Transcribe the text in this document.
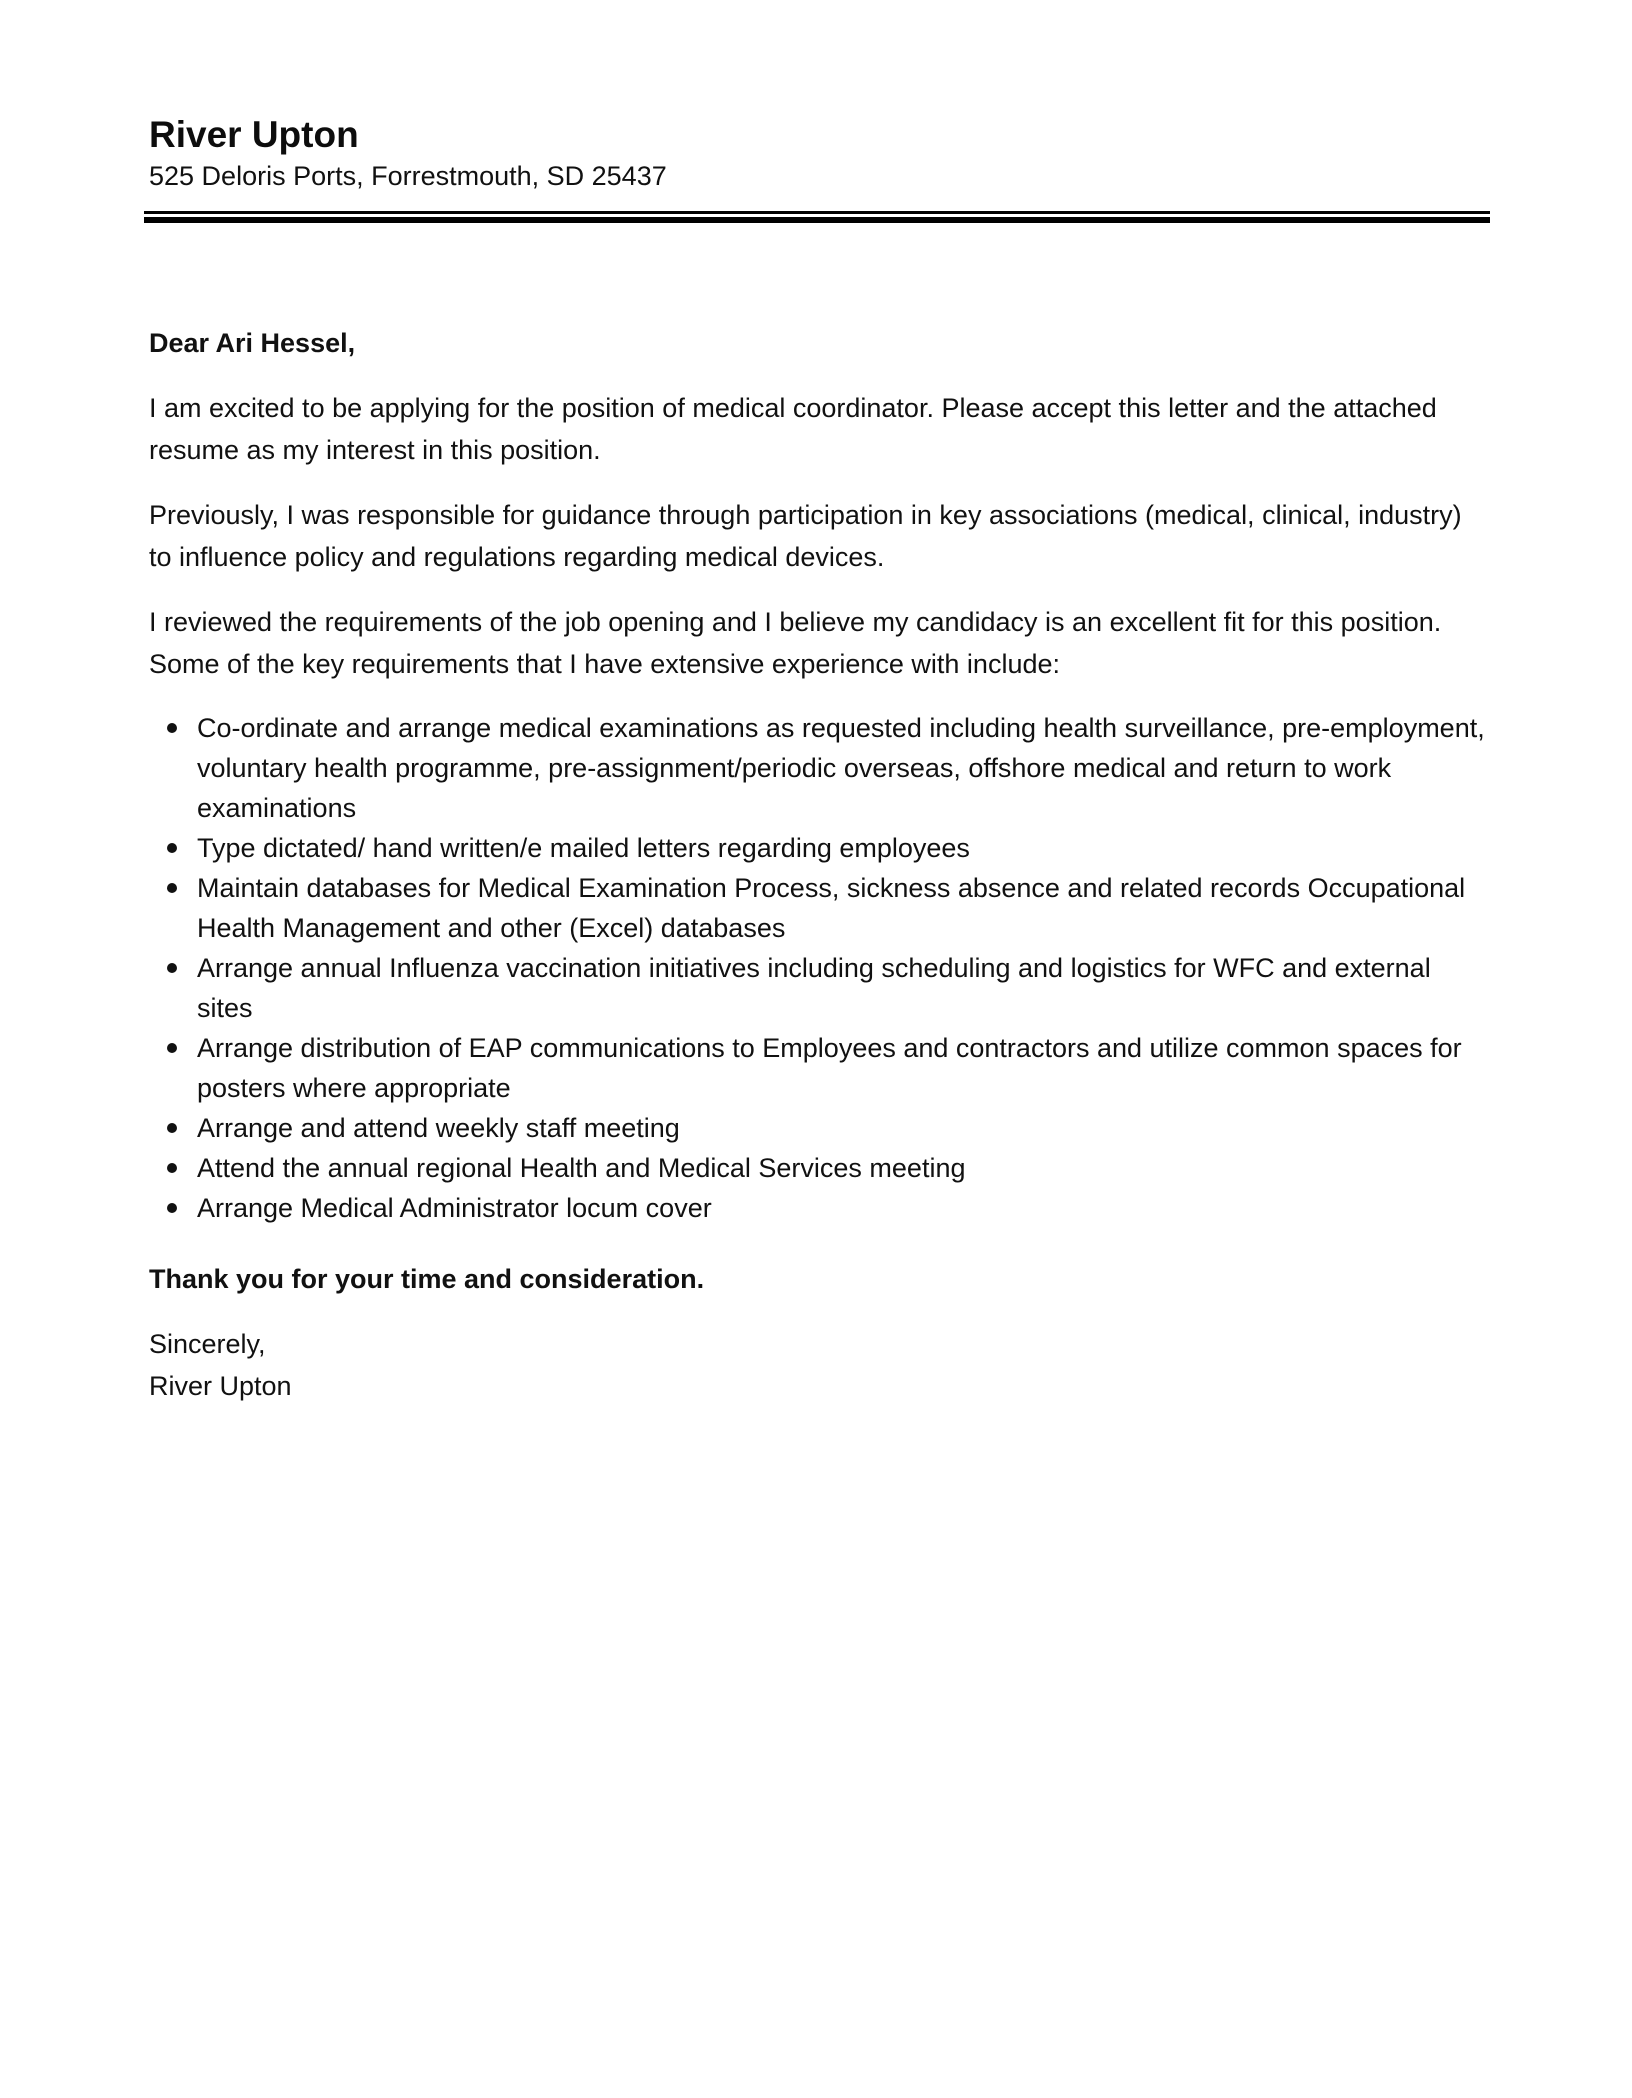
River Upton

525 Deloris Ports, Forrestmouth, SD 25437

Dear Ari Hessel,

I am excited to be applying for the position of medical coordinator. Please accept this letter and the attached resume as my interest in this position.

Previously, I was responsible for guidance through participation in key associations (medical, clinical, industry) to influence policy and regulations regarding medical devices.

I reviewed the requirements of the job opening and I believe my candidacy is an excellent fit for this position. Some of the key requirements that I have extensive experience with include:

Co-ordinate and arrange medical examinations as requested including health surveillance, pre-employment, voluntary health programme, pre-assignment/periodic overseas, offshore medical and return to work examinations
Type dictated/ hand written/e mailed letters regarding employees
Maintain databases for Medical Examination Process, sickness absence and related records Occupational Health Management and other (Excel) databases
Arrange annual Influenza vaccination initiatives including scheduling and logistics for WFC and external sites
Arrange distribution of EAP communications to Employees and contractors and utilize common spaces for posters where appropriate
Arrange and attend weekly staff meeting
Attend the annual regional Health and Medical Services meeting
Arrange Medical Administrator locum cover

Thank you for your time and consideration.

Sincerely,

River Upton
